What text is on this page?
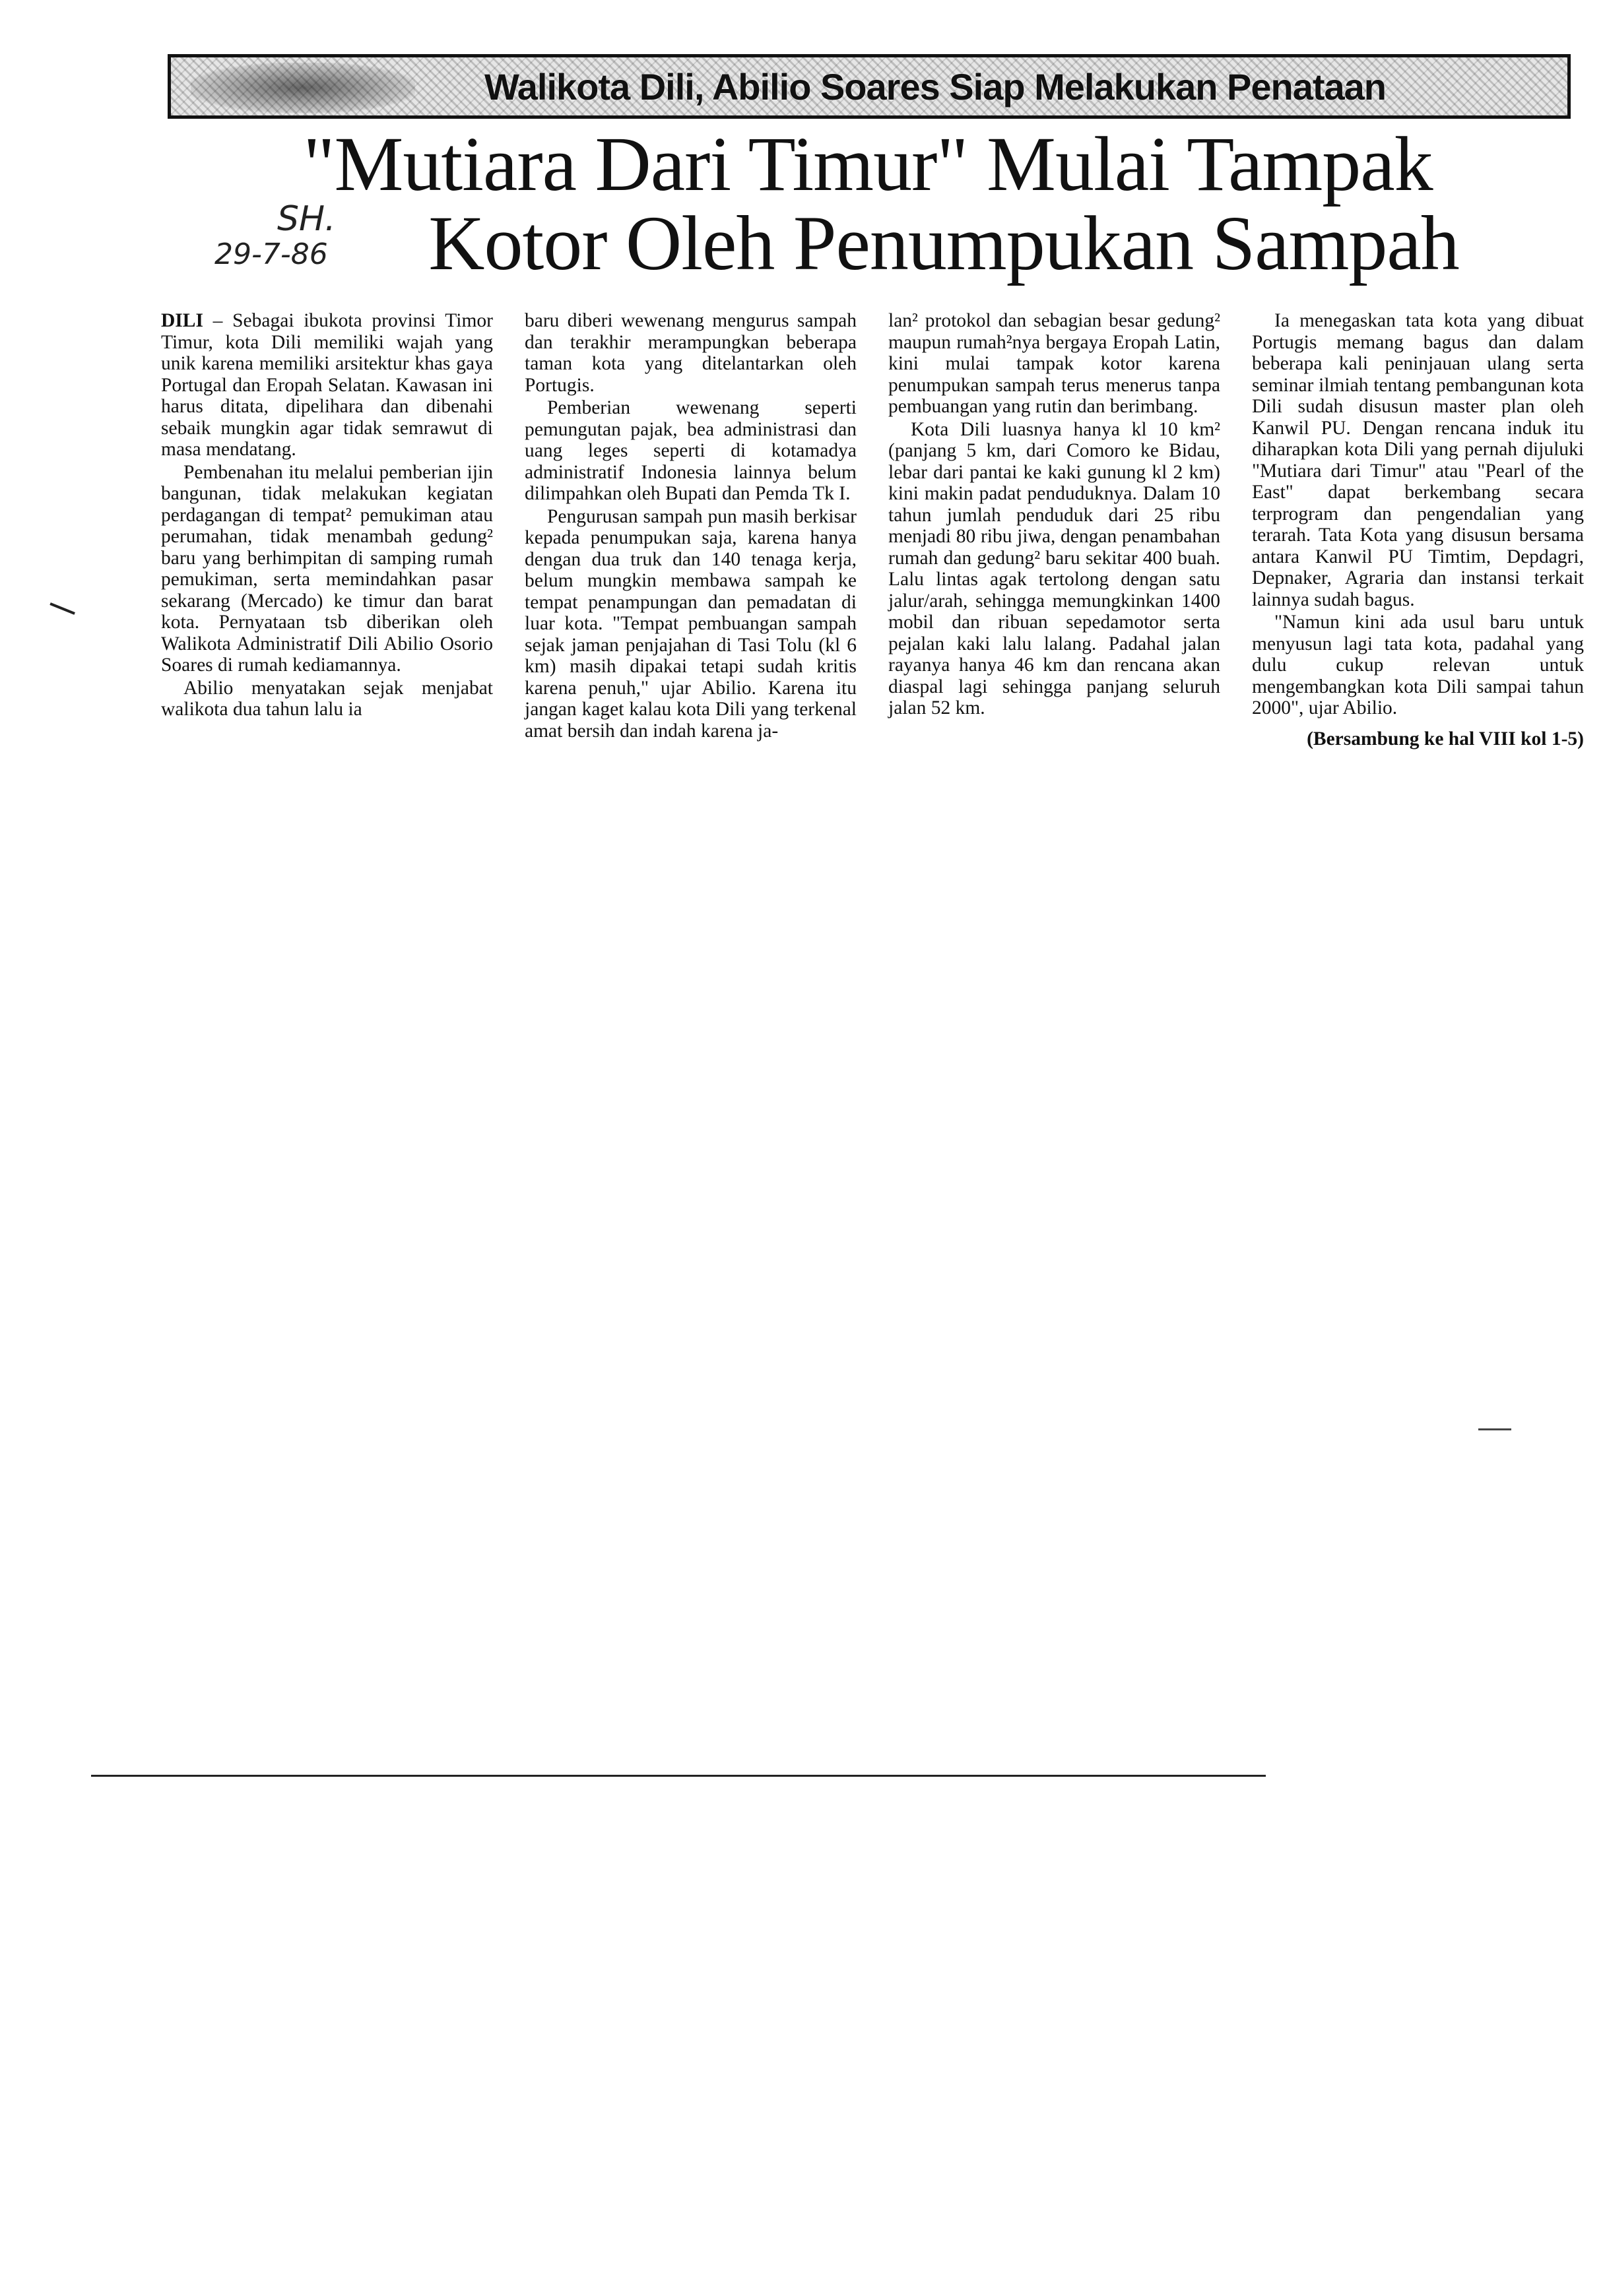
Walikota Dili, Abilio Soares Siap Melakukan Penataan
"Mutiara Dari Timur" Mulai Tampak
Kotor Oleh Penumpukan Sampah
SH.
29-7-86

DILI – Sebagai ibukota provinsi Timor Timur, kota Dili memiliki wajah yang unik karena memiliki arsitektur khas gaya Portugal dan Eropah Selatan. Kawasan ini harus ditata, dipelihara dan dibenahi sebaik mungkin agar tidak semrawut di masa mendatang.

Pembenahan itu melalui pemberian ijin bangunan, tidak melakukan kegiatan perdagangan di tempat² pemukiman atau perumahan, tidak menambah gedung² baru yang berhimpitan di samping rumah pemukiman, serta memindahkan pasar sekarang (Mercado) ke timur dan barat kota. Pernyataan tsb diberikan oleh Walikota Administratif Dili Abilio Osorio Soares di rumah kediamannya.

Abilio menyatakan sejak menjabat walikota dua tahun lalu ia

baru diberi wewenang mengurus sampah dan terakhir merampungkan beberapa taman kota yang ditelantarkan oleh Portugis.

Pemberian wewenang seperti pemungutan pajak, bea administrasi dan uang leges seperti di kotamadya administratif Indonesia lainnya belum dilimpahkan oleh Bupati dan Pemda Tk I.

Pengurusan sampah pun masih berkisar kepada penumpukan saja, karena hanya dengan dua truk dan 140 tenaga kerja, belum mungkin membawa sampah ke tempat penampungan dan pemadatan di luar kota. "Tempat pembuangan sampah sejak jaman penjajahan di Tasi Tolu (kl 6 km) masih dipakai tetapi sudah kritis karena penuh," ujar Abilio. Karena itu jangan kaget kalau kota Dili yang terkenal amat bersih dan indah karena ja-

lan² protokol dan sebagian besar gedung² maupun rumah²nya bergaya Eropah Latin, kini mulai tampak kotor karena penumpukan sampah terus menerus tanpa pembuangan yang rutin dan berimbang.

Kota Dili luasnya hanya kl 10 km² (panjang 5 km, dari Comoro ke Bidau, lebar dari pantai ke kaki gunung kl 2 km) kini makin padat penduduknya. Dalam 10 tahun jumlah penduduk dari 25 ribu menjadi 80 ribu jiwa, dengan penambahan rumah dan gedung² baru sekitar 400 buah. Lalu lintas agak tertolong dengan satu jalur/arah, sehingga memungkinkan 1400 mobil dan ribuan sepedamotor serta pejalan kaki lalu lalang. Padahal jalan rayanya hanya 46 km dan rencana akan diaspal lagi sehingga panjang seluruh jalan 52 km.

Ia menegaskan tata kota yang dibuat Portugis memang bagus dan dalam beberapa kali peninjauan ulang serta seminar ilmiah tentang pembangunan kota Dili sudah disusun master plan oleh Kanwil PU. Dengan rencana induk itu diharapkan kota Dili yang pernah dijuluki "Mutiara dari Timur" atau "Pearl of the East" dapat berkembang secara terprogram dan pengendalian yang terarah. Tata Kota yang disusun bersama antara Kanwil PU Timtim, Depdagri, Depnaker, Agraria dan instansi terkait lainnya sudah bagus.

"Namun kini ada usul baru untuk menyusun lagi tata kota, padahal yang dulu cukup relevan untuk mengembangkan kota Dili sampai tahun 2000", ujar Abilio.

(Bersambung ke hal VIII kol 1-5)
